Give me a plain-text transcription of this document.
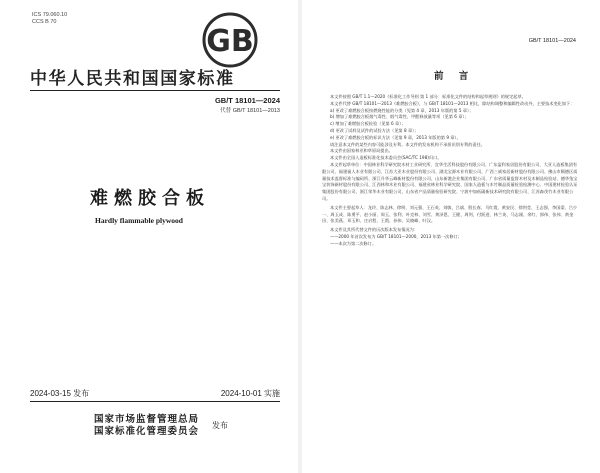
ICS 79.060.10
CCS B 70
GB
中华人民共和国国家标准
GB/T 18101—2024
代替 GB/T 18101—2013
难燃胶合板
Hardly flammable plywood
2024-03-15 发布	2024-10-01 实施
国家市场监督管理总局
国家标准化管理委员会
发布
GB/T 18101—2024
前 言

本文件按照 GB/T 1.1—2020《标准化工作导则 第 1 部分：标准化文件的结构和起草规则》的规定起草。

本文件代替 GB/T 18101—2013《难燃胶合板》，与 GB/T 18101—2013 相比，除结构调整和编辑性改动外，主要技术变化如下：

a) 更改了难燃胶合板按燃烧性能的分类（见第 4 章，2013 年版的第 5 章）；

b) 增加了难燃胶合板烟气毒性、烟气毒性、甲醛释放量等项（见第 6 章）；

c) 增加了难燃胶合板检验（见第 6 章）；

d) 更改了试样及试件的试验方法（见第 8 章）；

e) 更改了难燃胶合板的标识方法（见第 9 章，2013 年版的第 9 章）。

请注意本文件的某些内容可能涉及专利。本文件的发布机构不承担识别专利的责任。

本文件由国家林业和草原局提出。

本文件由全国人造板标准化技术委员会(SAC/TC 198)归口。

本文件起草单位：中国林业科学研究院木材工业研究所、宜华生活科技股份有限公司、广东盈科家居股份有限公司、大亚人造板集团有限公司、福建福人木业有限公司、江苏大亚木业股份有限公司、湖北宝源木业有限公司、广西三威家居新材股份有限公司、佛山市顺德区质量技术监督标准与编码所、浙江升华云峰新材股份有限公司、山东新港企业集团有限公司、广东省质量监督木材及木制品检验站、德华兔宝宝装饰新材股份有限公司、江西林和木业有限公司、福建省林业科学研究院、国家人造板与木竹制品质量检验检测中心、中国建材检验认证集团股份有限公司、浙江荣华木业有限公司、山东省产品质量检验研究院、宁波中加低碳新技术研究院有限公司、江苏森茂竹木业有限公司。

本文件主要起草人：龙玲、陈志林、徐明、刘元强、王石英、刘敏、吕斌、殷长春、马红霞、黄安民、徐剑莹、王志强、李国梁、吕少一、周玉成、陈勇平、赵小丽、周玉、张利、叶克林、刘雪、黄泽恩、王健、周剑、付跃进、林兰英、马志刚、余红、郭伟、张伟、黄金田、张美燕、邓玉和、庄启程、王霞、孙伟、吴晓峰、叶汉。

本文件及其所代替文件的历次版本发布情况为：

——2000 年首次发布为 GB/T 18101—2000，2013 年第一次修订；

——本次为第二次修订。
